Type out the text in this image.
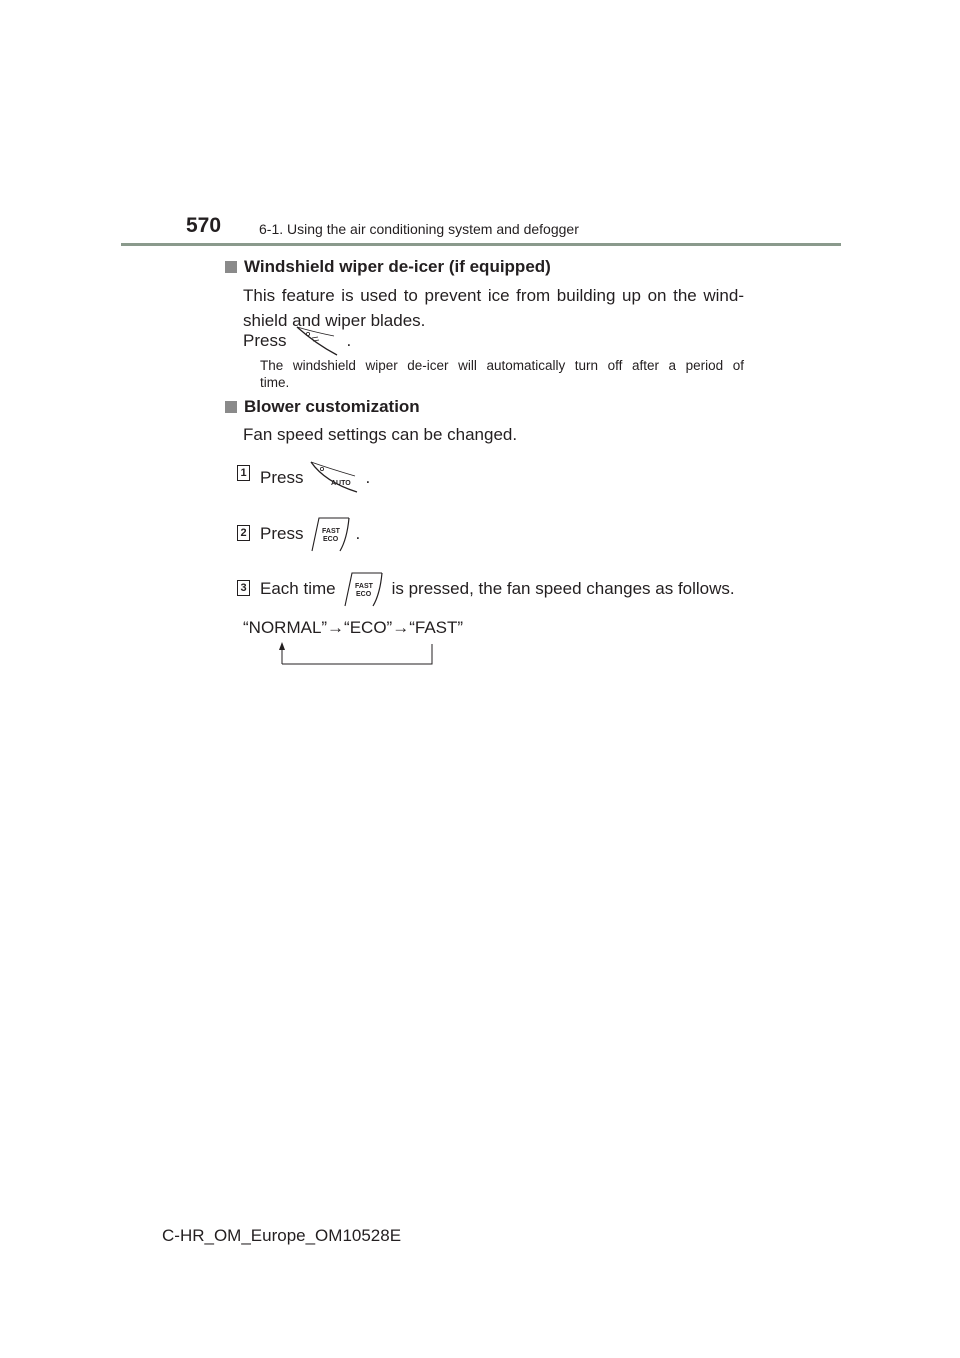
570	6-1. Using the air conditioning system and defogger
Windshield wiper de-icer (if equipped)
This feature is used to prevent ice from building up on the wind-
shield and wiper blades.
Press	.
The windshield wiper de-icer will automatically turn off after a period of
time.
Blower customization
Fan speed settings can be changed.
1 Press	AUTO .
2 Press	FAST
ECO .
3 Each time	FAST
ECO is pressed, the fan speed changes as follows.
“NORMAL”→“ECO”→“FAST”
C-HR_OM_Europe_OM10528E
